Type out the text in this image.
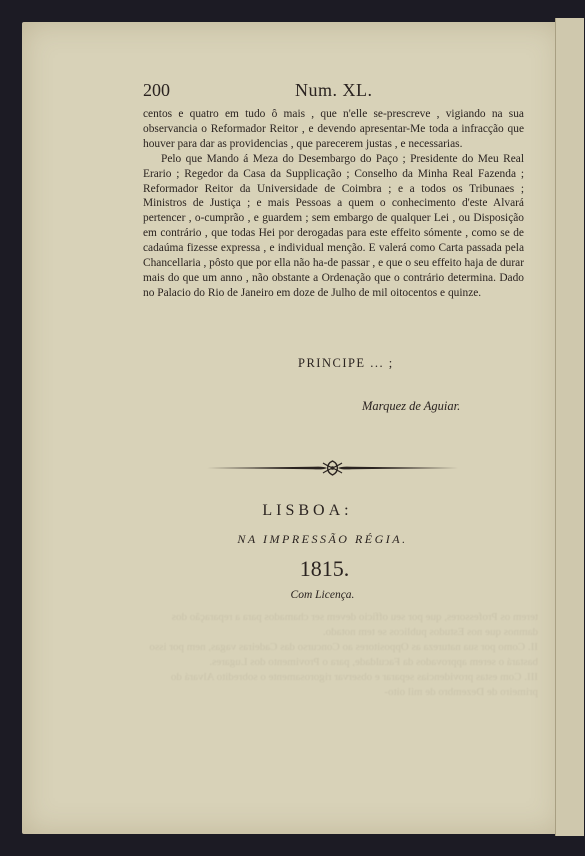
terem os Professores, que por seu officio devem ser chamados para a reparação dos damnos que nos Estudos publicos se tem notado.
II. Como por sua natureza as Oppositores ao Concurso das Cadeiras vagas, nem por isso bastará o serem approvados da Faculdade, para o Provimento dos Lugares.
III. Com estas providencias separar e observar rigorosamente o sobredito Alvará do primeiro de Dezembro de mil oito-
200	Num. XL.

centos e quatro em tudo ô mais , que n'elle se-prescreve , vigiando na sua observancia o Reformador Reitor , e devendo apresentar-Me toda a infracção que houver para dar as providencias , que parecerem justas , e necessarias.

Pelo que Mando á Meza do Desembargo do Paço ; Presidente do Meu Real Erario ; Regedor da Casa da Supplicação ; Conselho da Minha Real Fazenda ; Reformador Reitor da Universidade de Coimbra ; e a todos os Tribunaes ; Ministros de Justiça ; e mais Pessoas a quem o conhecimento d'este Alvará pertencer , o-cumprão , e guardem ; sem embargo de qualquer Lei , ou Disposição em contrário , que todas Hei por derogadas para este effeito sómente , como se de cadaúma fizesse expressa , e individual menção. E valerá como Carta passada pela Chancellaria , pôsto que por ella não ha-de passar , e que o seu effeito haja de durar mais do que um anno , não obstante a Ordenação que o contrário determina. Dado no Palacio do Rio de Janeiro em doze de Julho de mil oitocentos e quinze.

PRINCIPE ... ;
Marquez de Aguiar.
LISBOA:
NA IMPRESSÃO RÉGIA.
1815.
Com Licença.
